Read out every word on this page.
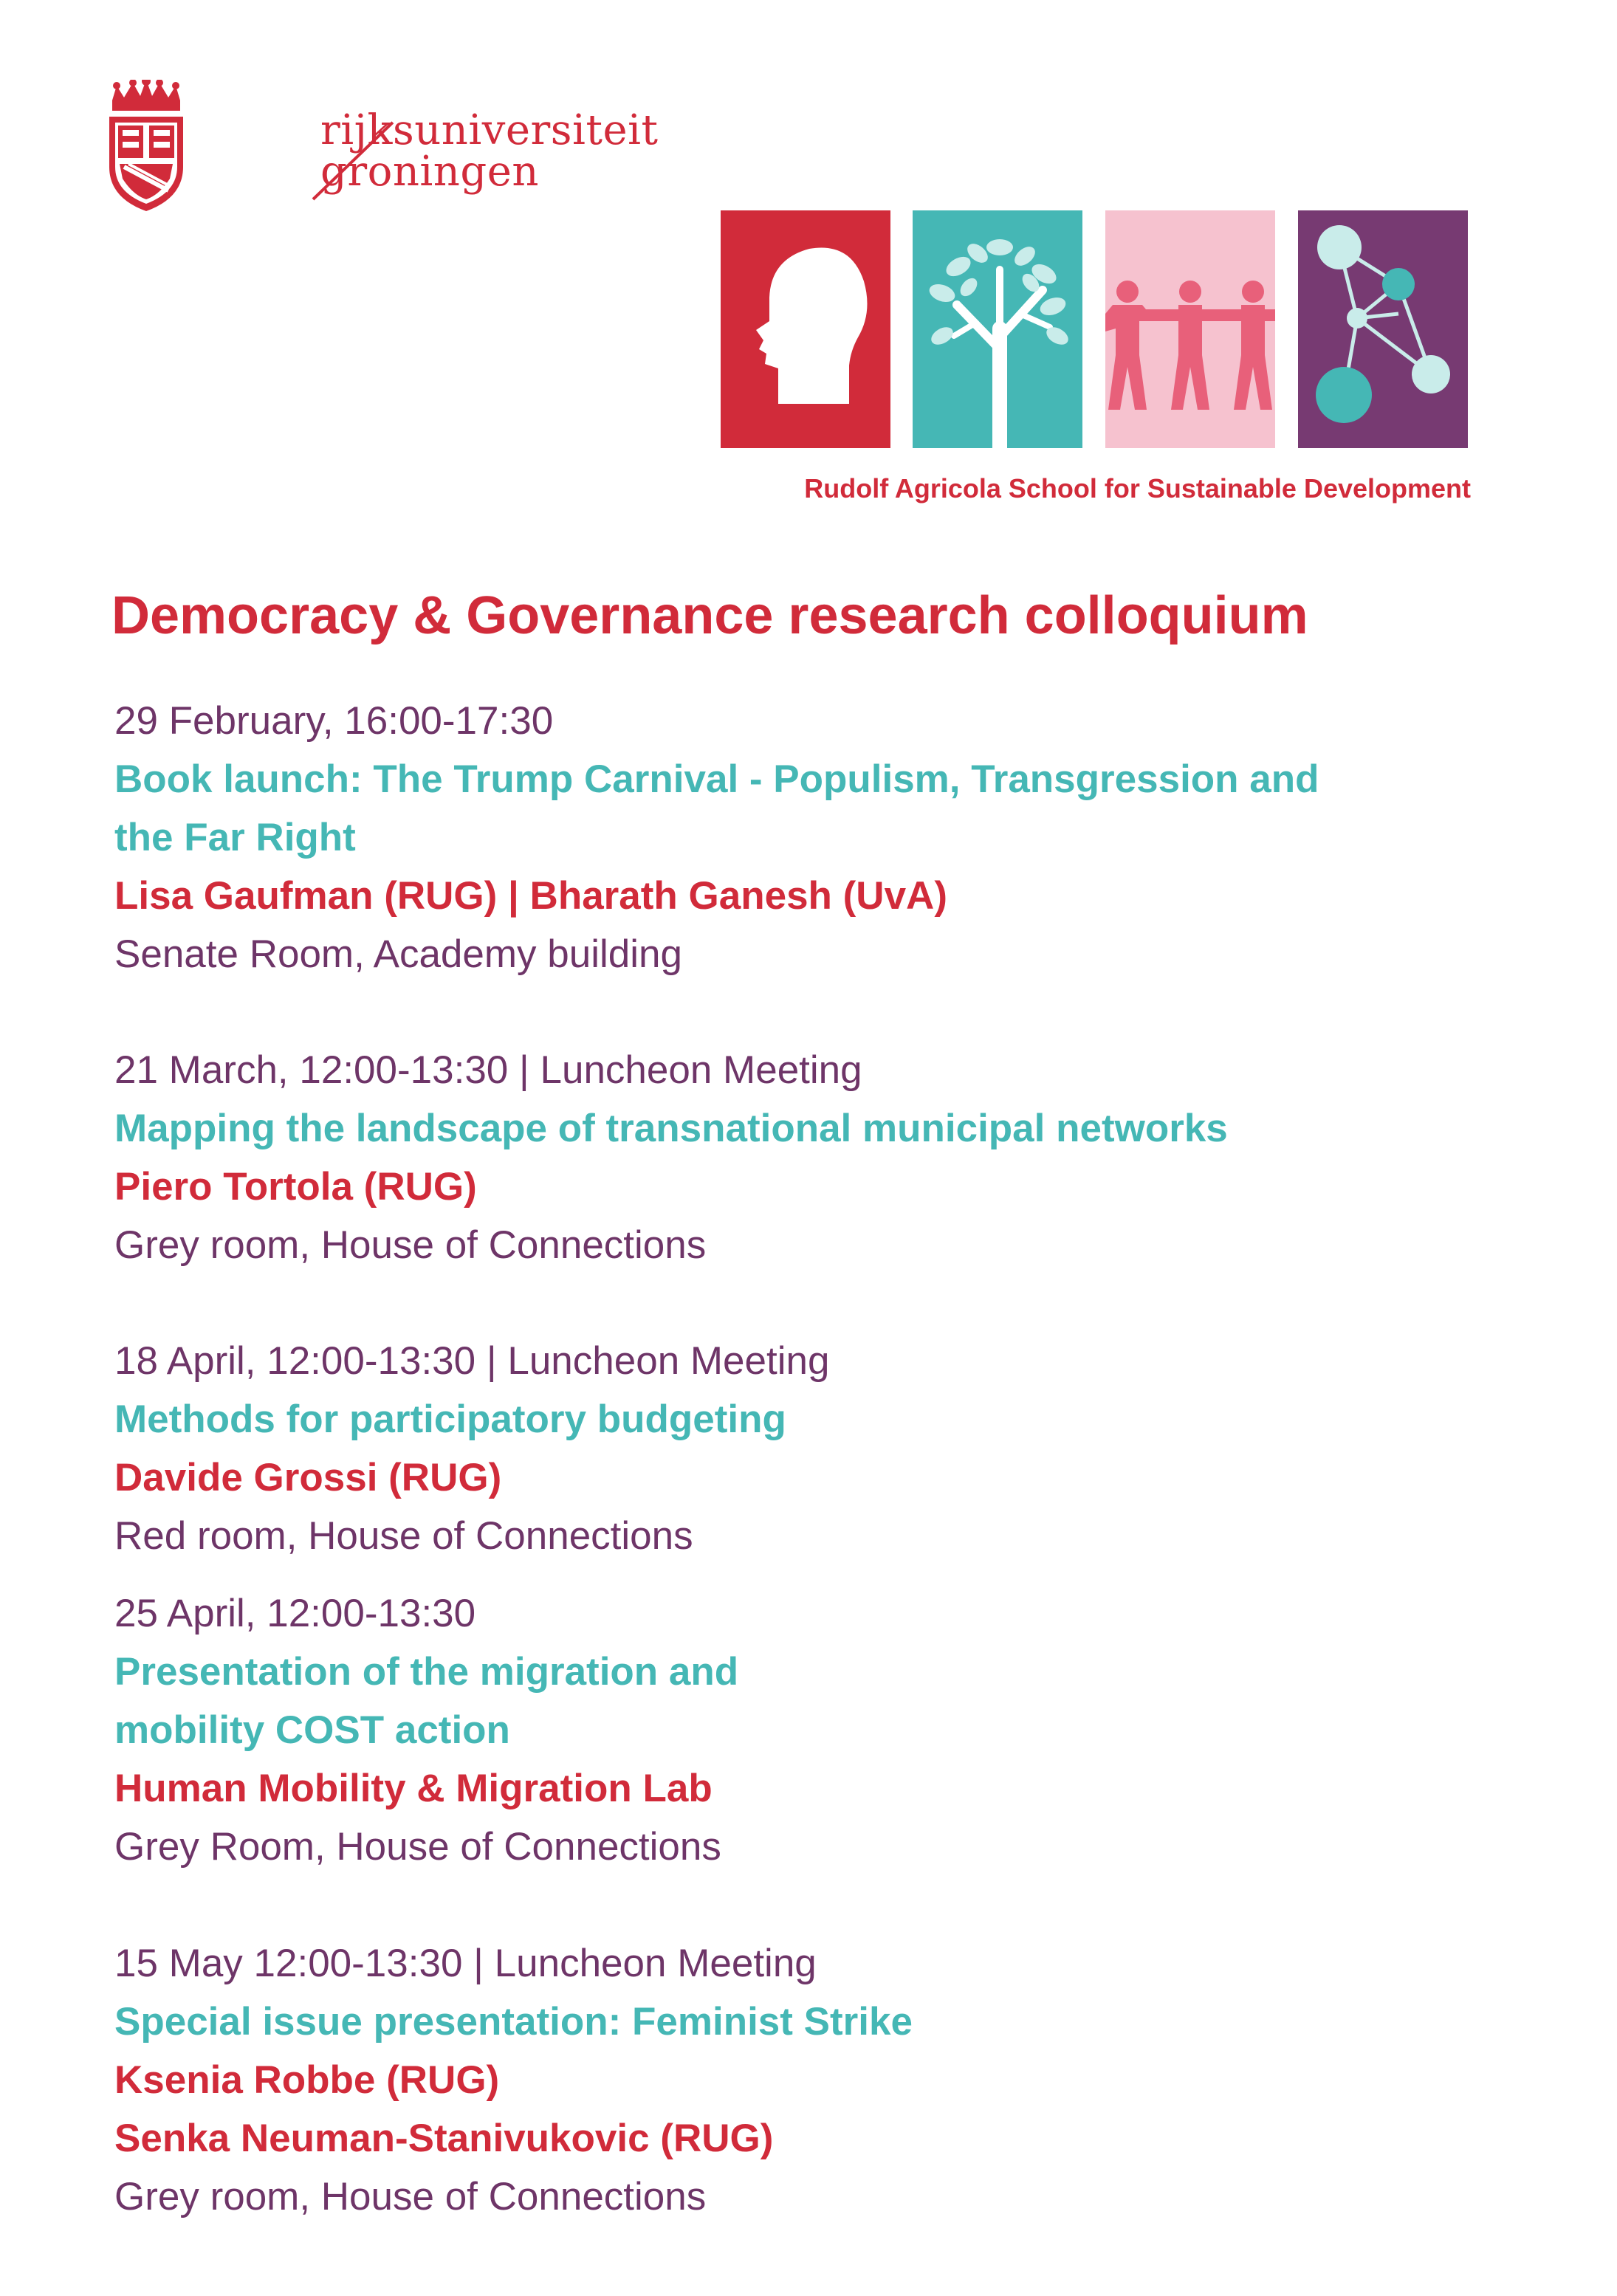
rijksuniversiteit
groningen
Rudolf Agricola School for Sustainable Development
Democracy & Governance research colloquium
29 February, 16:00-17:30
Book launch: The Trump Carnival - Populism, Transgression and
the Far Right
Lisa Gaufman (RUG) | Bharath Ganesh (UvA)
Senate Room, Academy building
21 March, 12:00-13:30 | Luncheon Meeting
Mapping the landscape of transnational municipal networks
Piero Tortola (RUG)
Grey room, House of Connections
18 April, 12:00-13:30 | Luncheon Meeting
Methods for participatory budgeting
Davide Grossi (RUG)
Red room, House of Connections
25 April, 12:00-13:30
Presentation of the migration and
mobility COST action
Human Mobility & Migration Lab
Grey Room, House of Connections
15 May 12:00-13:30 | Luncheon Meeting
Special issue presentation: Feminist Strike
Ksenia Robbe (RUG)
Senka Neuman-Stanivukovic (RUG)
Grey room, House of Connections
